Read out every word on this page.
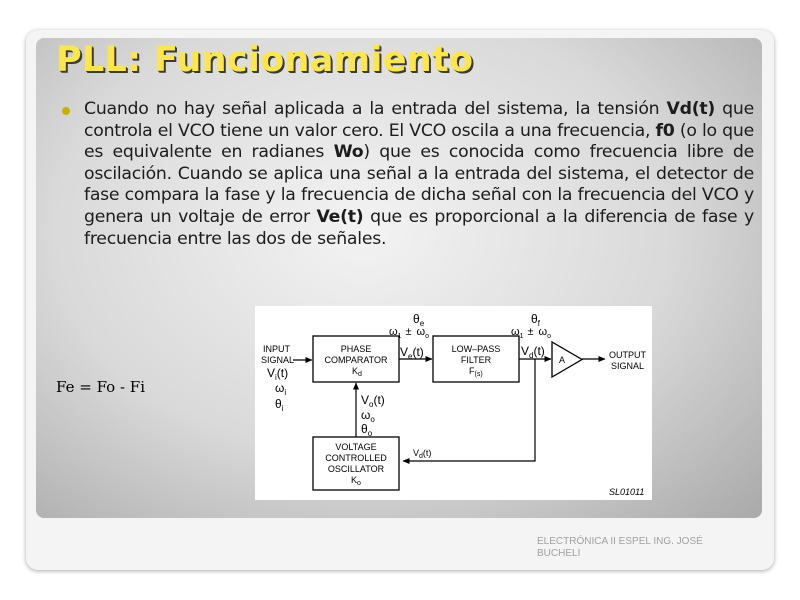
PLL: Funcionamiento
Cuando no hay señal aplicada a la entrada del sistema, la tensión Vd(t) que controla el VCO tiene un valor cero. El VCO oscila a una frecuencia, f0 (o lo que es equivalente en radianes Wo) que es conocida como frecuencia libre de oscilación. Cuando se aplica una señal a la entrada del sistema, el detector de fase compara la fase y la frecuencia de dicha señal con la frecuencia del VCO y genera un voltaje de error Ve(t) que es proporcional a la diferencia de fase y frecuencia entre las dos de señales.
Fe = Fo - Fi
INPUT
SIGNAL
$V_i(t)$
$\omega_i$
$\theta_i$
PHASE
COMPARATOR
$K_d$
$\theta_e$
$\omega_1 \pm \omega_o$
$V_e(t)$	LOW–PASS
FILTER
$F_{(s)}$
$\theta_f$
$\omega_1 \pm \omega_o$
$V_d(t)$
A	OUTPUT
SIGNAL
$V_d(t)$
VOLTAGE
CONTROLLED
OSCILLATOR
$K_o$
$V_o(t)$
$\omega_o$
$\theta_o$
SL01011
ELECTRÓNICA II ESPEL ING. JOSÉ BUCHELI
